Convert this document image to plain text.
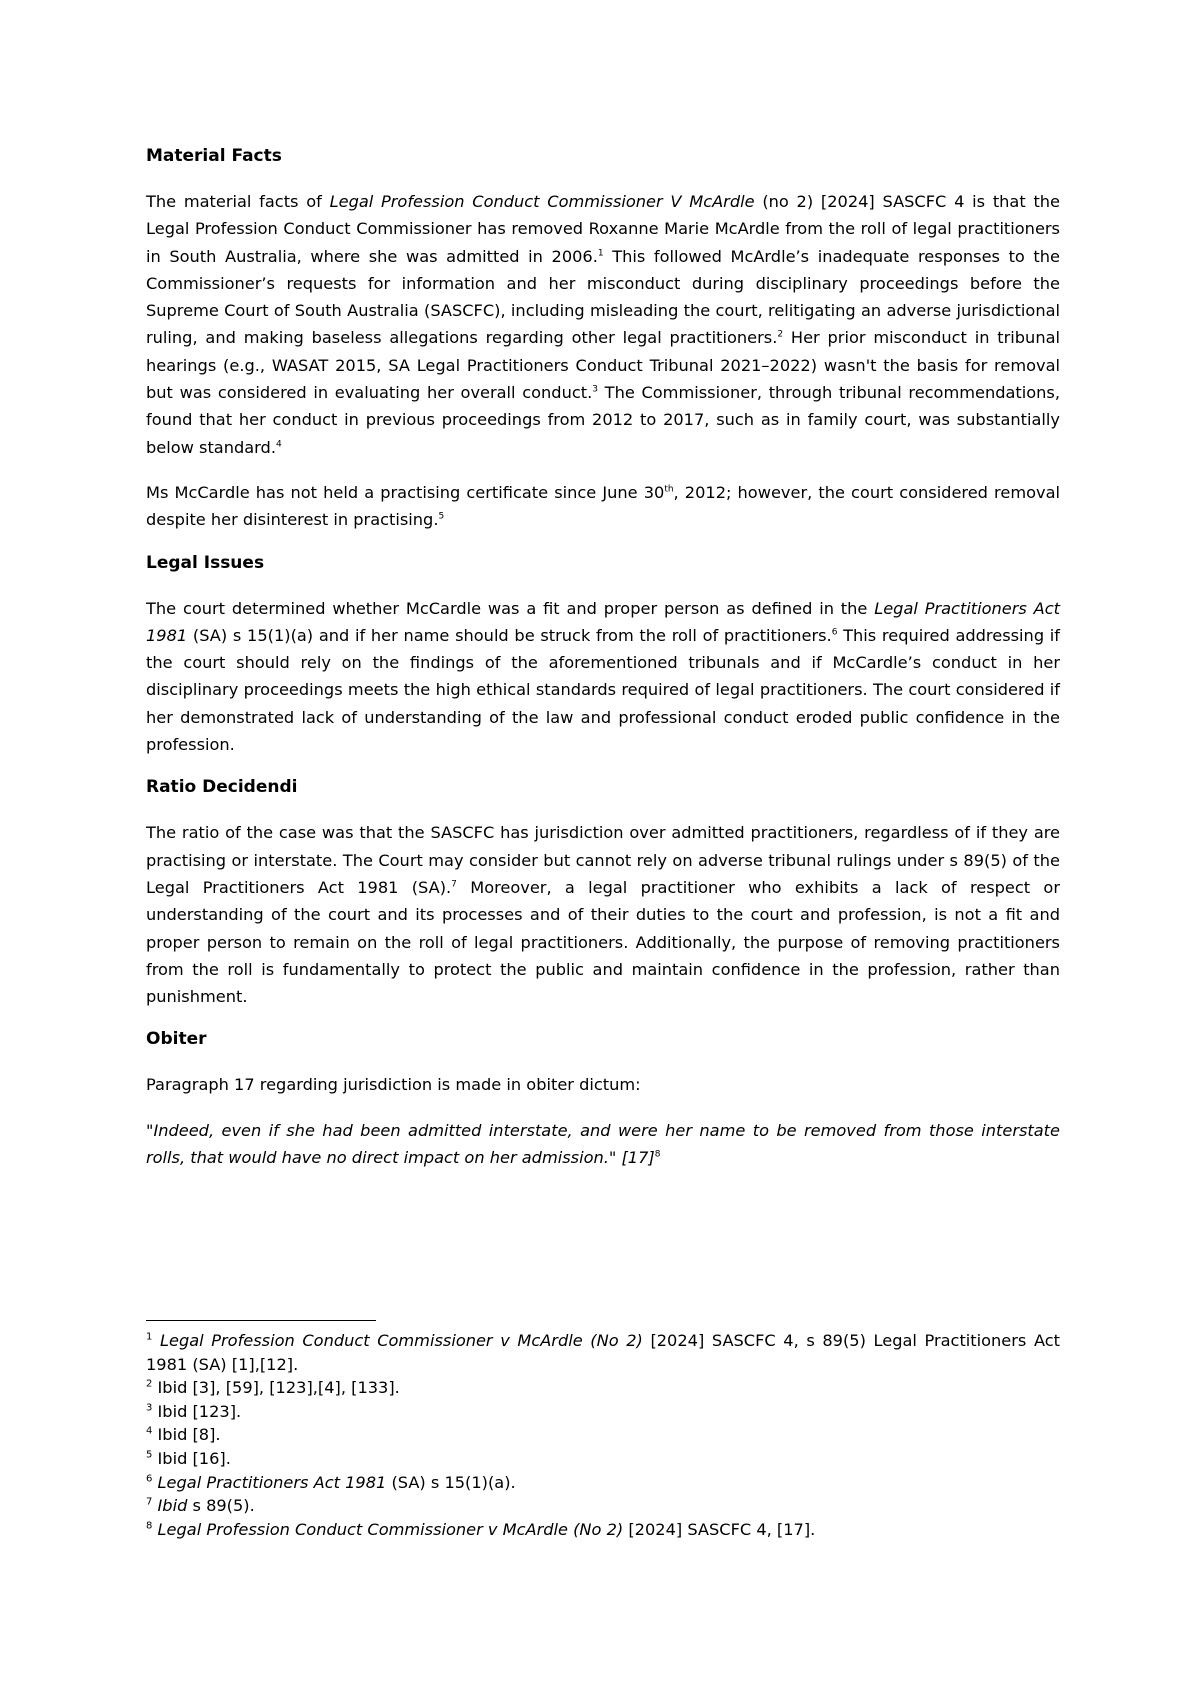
Material Facts

The material facts of Legal Profession Conduct Commissioner V McArdle (no 2) [2024] SASCFC 4 is that the Legal Profession Conduct Commissioner has removed Roxanne Marie McArdle from the roll of legal practitioners in South Australia, where she was admitted in 2006.$^1$ This followed McArdle’s inadequate responses to the Commissioner’s requests for information and her misconduct during disciplinary proceedings before the Supreme Court of South Australia (SASCFC), including misleading the court, relitigating an adverse jurisdictional ruling, and making baseless allegations regarding other legal practitioners.$^2$ Her prior misconduct in tribunal hearings (e.g., WASAT 2015, SA Legal Practitioners Conduct Tribunal 2021–2022) wasn't the basis for removal but was considered in evaluating her overall conduct.$^3$ The Commissioner, through tribunal recommendations, found that her conduct in previous proceedings from 2012 to 2017, such as in family court, was substantially below standard.$^4$

Ms McCardle has not held a practising certificate since June 30th, 2012; however, the court considered removal despite her disinterest in practising.$^5$

Legal Issues

The court determined whether McCardle was a fit and proper person as defined in the Legal Practitioners Act 1981 (SA) s 15(1)(a) and if her name should be struck from the roll of practitioners.$^6$ This required addressing if the court should rely on the findings of the aforementioned tribunals and if McCardle’s conduct in her disciplinary proceedings meets the high ethical standards required of legal practitioners. The court considered if her demonstrated lack of understanding of the law and professional conduct eroded public confidence in the profession.

Ratio Decidendi

The ratio of the case was that the SASCFC has jurisdiction over admitted practitioners, regardless of if they are practising or interstate. The Court may consider but cannot rely on adverse tribunal rulings under s 89(5) of the Legal Practitioners Act 1981 (SA).$^7$ Moreover, a legal practitioner who exhibits a lack of respect or understanding of the court and its processes and of their duties to the court and profession, is not a fit and proper person to remain on the roll of legal practitioners. Additionally, the purpose of removing practitioners from the roll is fundamentally to protect the public and maintain confidence in the profession, rather than punishment.

Obiter

Paragraph 17 regarding jurisdiction is made in obiter dictum:

"Indeed, even if she had been admitted interstate, and were her name to be removed from those interstate rolls, that would have no direct impact on her admission." $[17]^8$

$^1$ Legal Profession Conduct Commissioner v McArdle (No 2) [2024] SASCFC 4, s 89(5) Legal Practitioners Act 1981 (SA) [1],[12].

$^2$ Ibid [3], [59], [123],[4], [133].

$^3$ Ibid [123].

$^4$ Ibid [8].

$^5$ Ibid [16].

$^6$ Legal Practitioners Act 1981 (SA) s 15(1)(a).

$^7$ Ibid s 89(5).

$^8$ Legal Profession Conduct Commissioner v McArdle (No 2) [2024] SASCFC 4, [17].
